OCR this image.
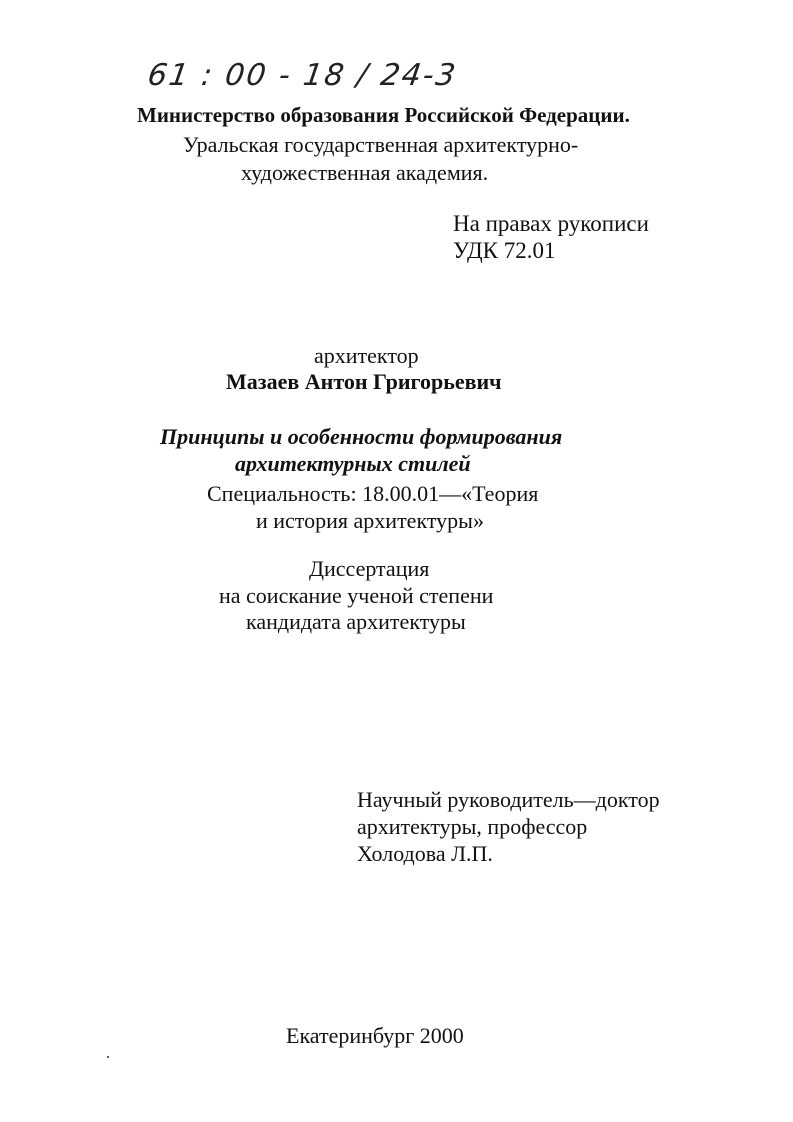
61 : 00 - 18 / 24-3
Министерство образования Российской Федерации.
Уральская государственная архитектурно-
художественная академия.
На правах рукописи
УДК 72.01
архитектор
Мазаев Антон Григорьевич
Принципы и особенности формирования
архитектурных стилей
Специальность: 18.00.01—«Теория
и история архитектуры»
Диссертация
на соискание ученой степени
кандидата архитектуры
Научный руководитель—доктор
архитектуры, профессор
Холодова Л.П.
Екатеринбург 2000
